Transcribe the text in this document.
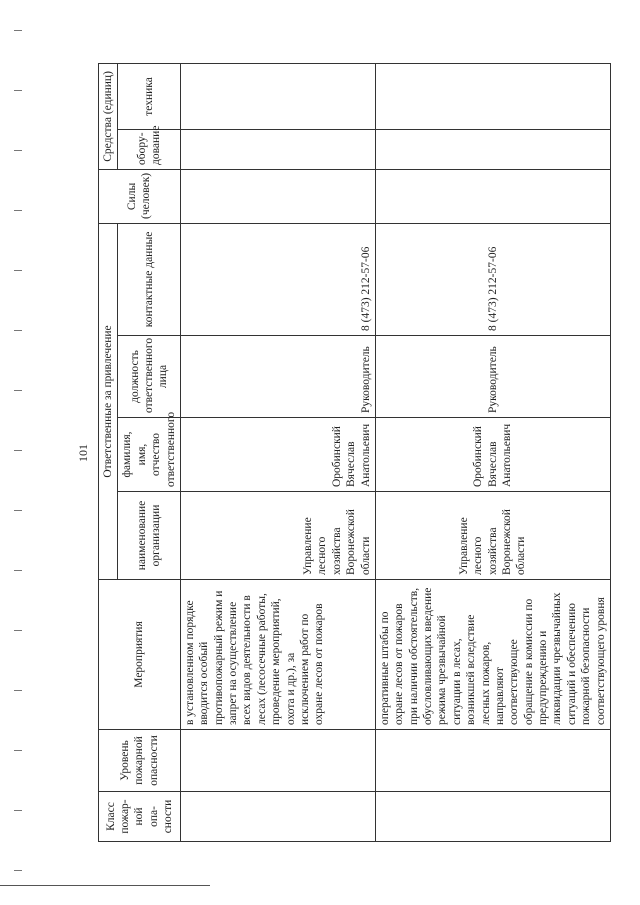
101
Класс пожар-ной опа-сности	Уровень пожарной опасности	Мероприятия	Ответственные за привлечение				Силы (человек)	Средства (единиц)	
			наименование организации	фамилия, имя, отчество ответственного	должность ответственного лица	контактные данные		обору-дование	техника
		в установленном порядке вводится особый противопожарный режим и запрет на осуществление всех видов деятельности в лесах (лесосечные работы, проведение мероприятий, охота и др.), за исключением работ по охране лесов от пожаров	Управление лесного хозяйства Воронежской области	Оробинский Вячеслав Анатольевич	Руководитель	8 (473) 212-57-06			
		оперативные штабы по охране лесов от пожаров при наличии обстоятельств, обусловливающих введение режима чрезвычайной ситуации в лесах, возникшей вследствие лесных пожаров, направляют соответствующее обращение в комиссии по предупреждению и ликвидации чрезвычайных ситуаций и обеспечению пожарной безопасности соответствующего уровня	Управление лесного хозяйства Воронежской области	Оробинский Вячеслав Анатольевич	Руководитель	8 (473) 212-57-06			
